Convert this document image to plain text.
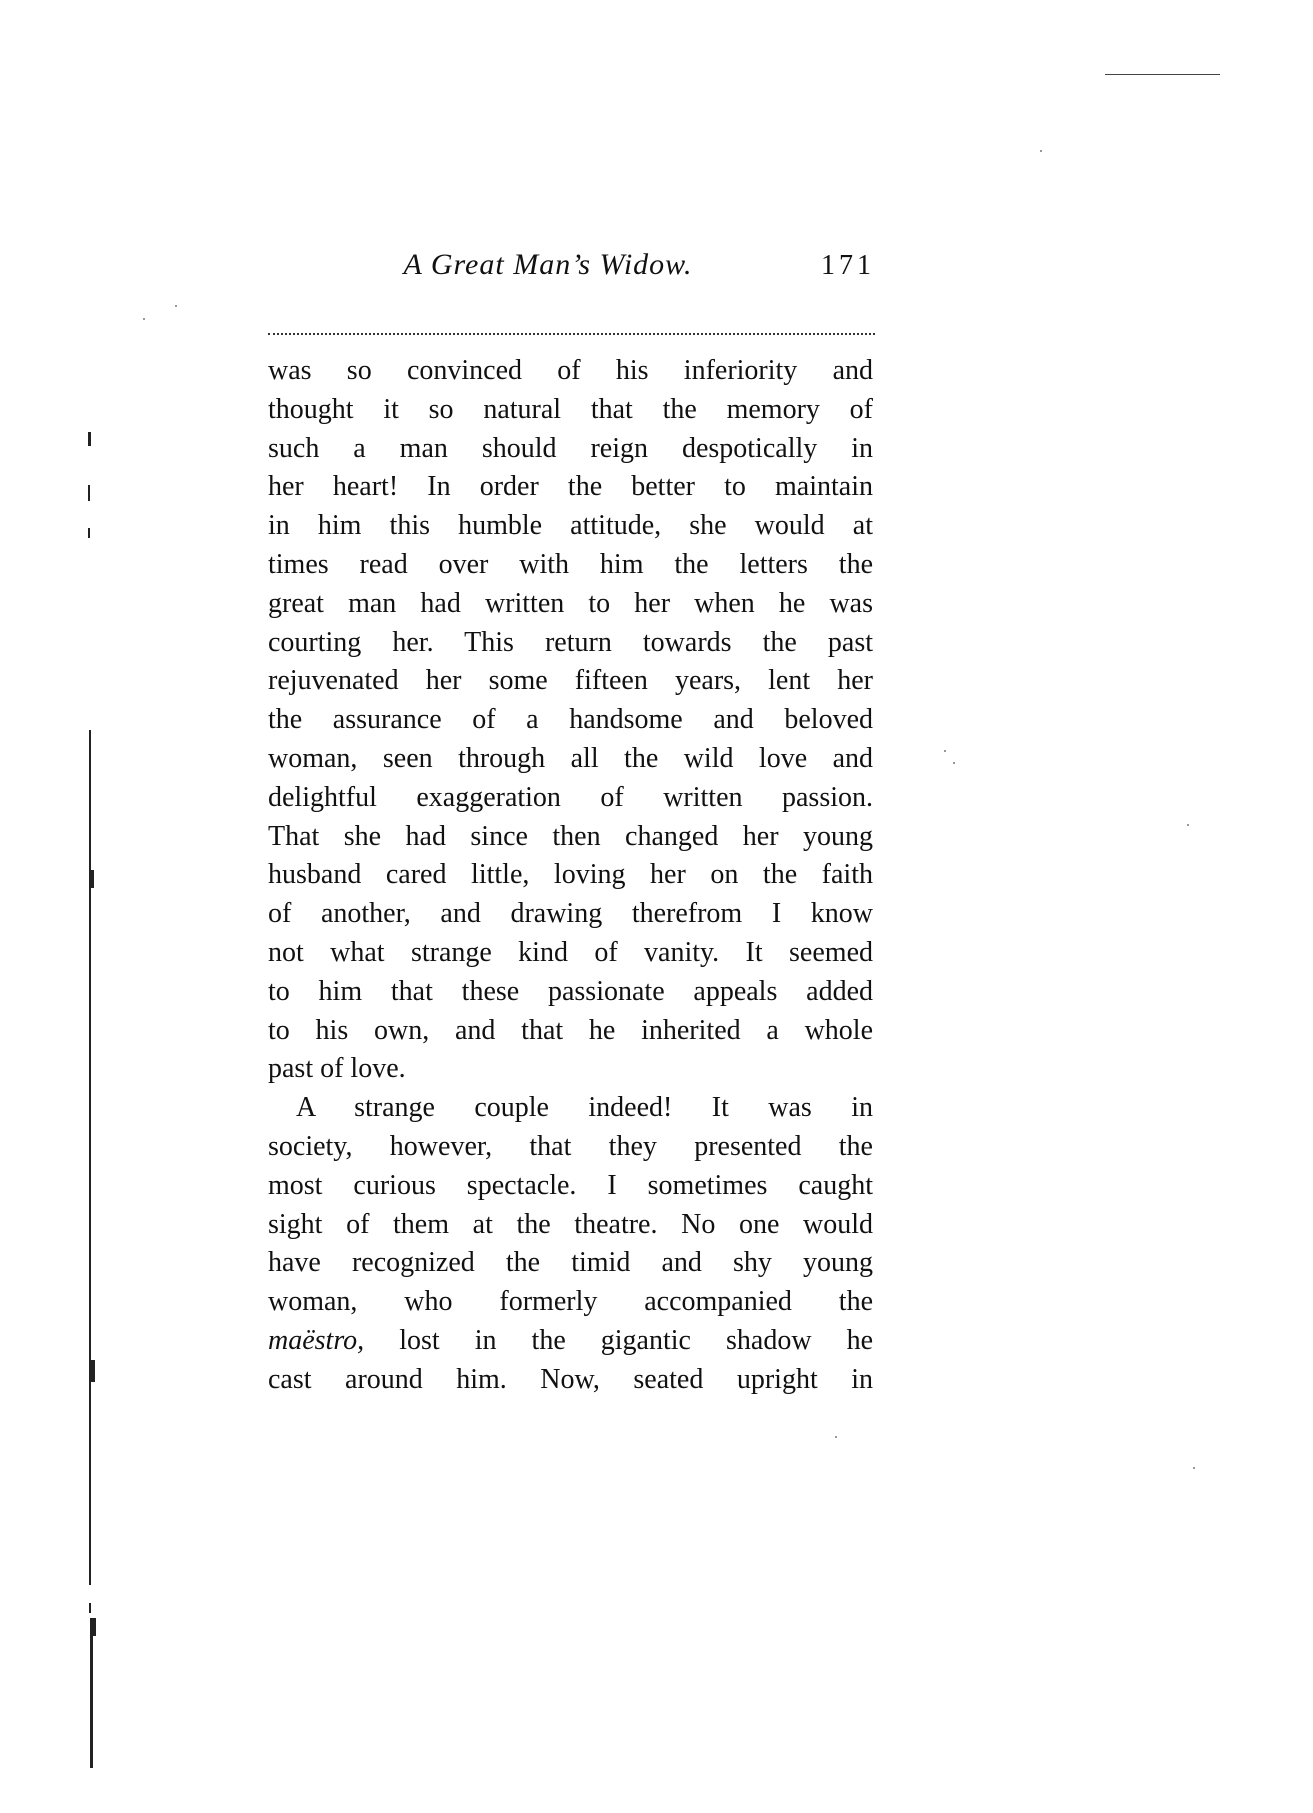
A Great Man’s Widow.	171
was so convinced of his inferiority and
thought it so natural that the memory of
such a man should reign despotically in
her heart! In order the better to maintain
in him this humble attitude, she would at
times read over with him the letters the
great man had written to her when he was
courting her. This return towards the past
rejuvenated her some fifteen years, lent her
the assurance of a handsome and beloved
woman, seen through all the wild love and
delightful exaggeration of written passion.
That she had since then changed her young
husband cared little, loving her on the faith
of another, and drawing therefrom I know
not what strange kind of vanity. It seemed
to him that these passionate appeals added
to his own, and that he inherited a whole
past of love.
A strange couple indeed! It was in
society, however, that they presented the
most curious spectacle. I sometimes caught
sight of them at the theatre. No one would
have recognized the timid and shy young
woman, who formerly accompanied the
maëstro, lost in the gigantic shadow he
cast around him. Now, seated upright in
